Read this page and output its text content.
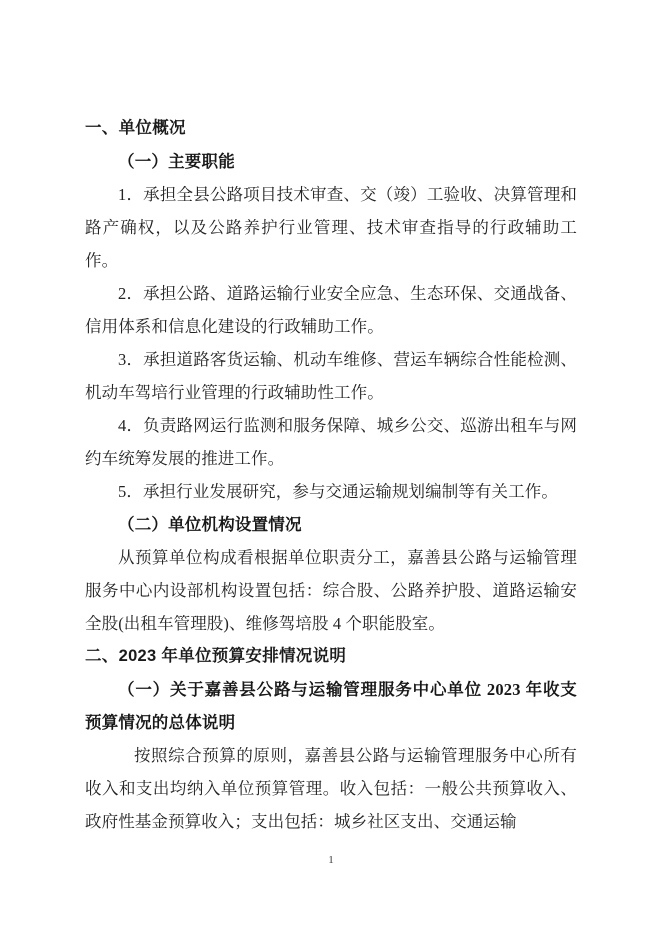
一、单位概况
（一）主要职能

1．承担全县公路项目技术审查、交（竣）工验收、决算管理和路产确权，以及公路养护行业管理、技术审查指导的行政辅助工作。

2．承担公路、道路运输行业安全应急、生态环保、交通战备、信用体系和信息化建设的行政辅助工作。

3．承担道路客货运输、机动车维修、营运车辆综合性能检测、机动车驾培行业管理的行政辅助性工作。

4．负责路网运行监测和服务保障、城乡公交、巡游出租车与网约车统筹发展的推进工作。

5．承担行业发展研究，参与交通运输规划编制等有关工作。

（二）单位机构设置情况

从预算单位构成看根据单位职责分工，嘉善县公路与运输管理服务中心内设部机构设置包括：综合股、公路养护股、道路运输安全股(出租车管理股)、维修驾培股 4 个职能股室。

二、2023 年单位预算安排情况说明
（一）关于嘉善县公路与运输管理服务中心单位 2023 年收支预算情况的总体说明

按照综合预算的原则，嘉善县公路与运输管理服务中心所有收入和支出均纳入单位预算管理。收入包括：一般公共预算收入、政府性基金预算收入；支出包括：城乡社区支出、交通运输

1
